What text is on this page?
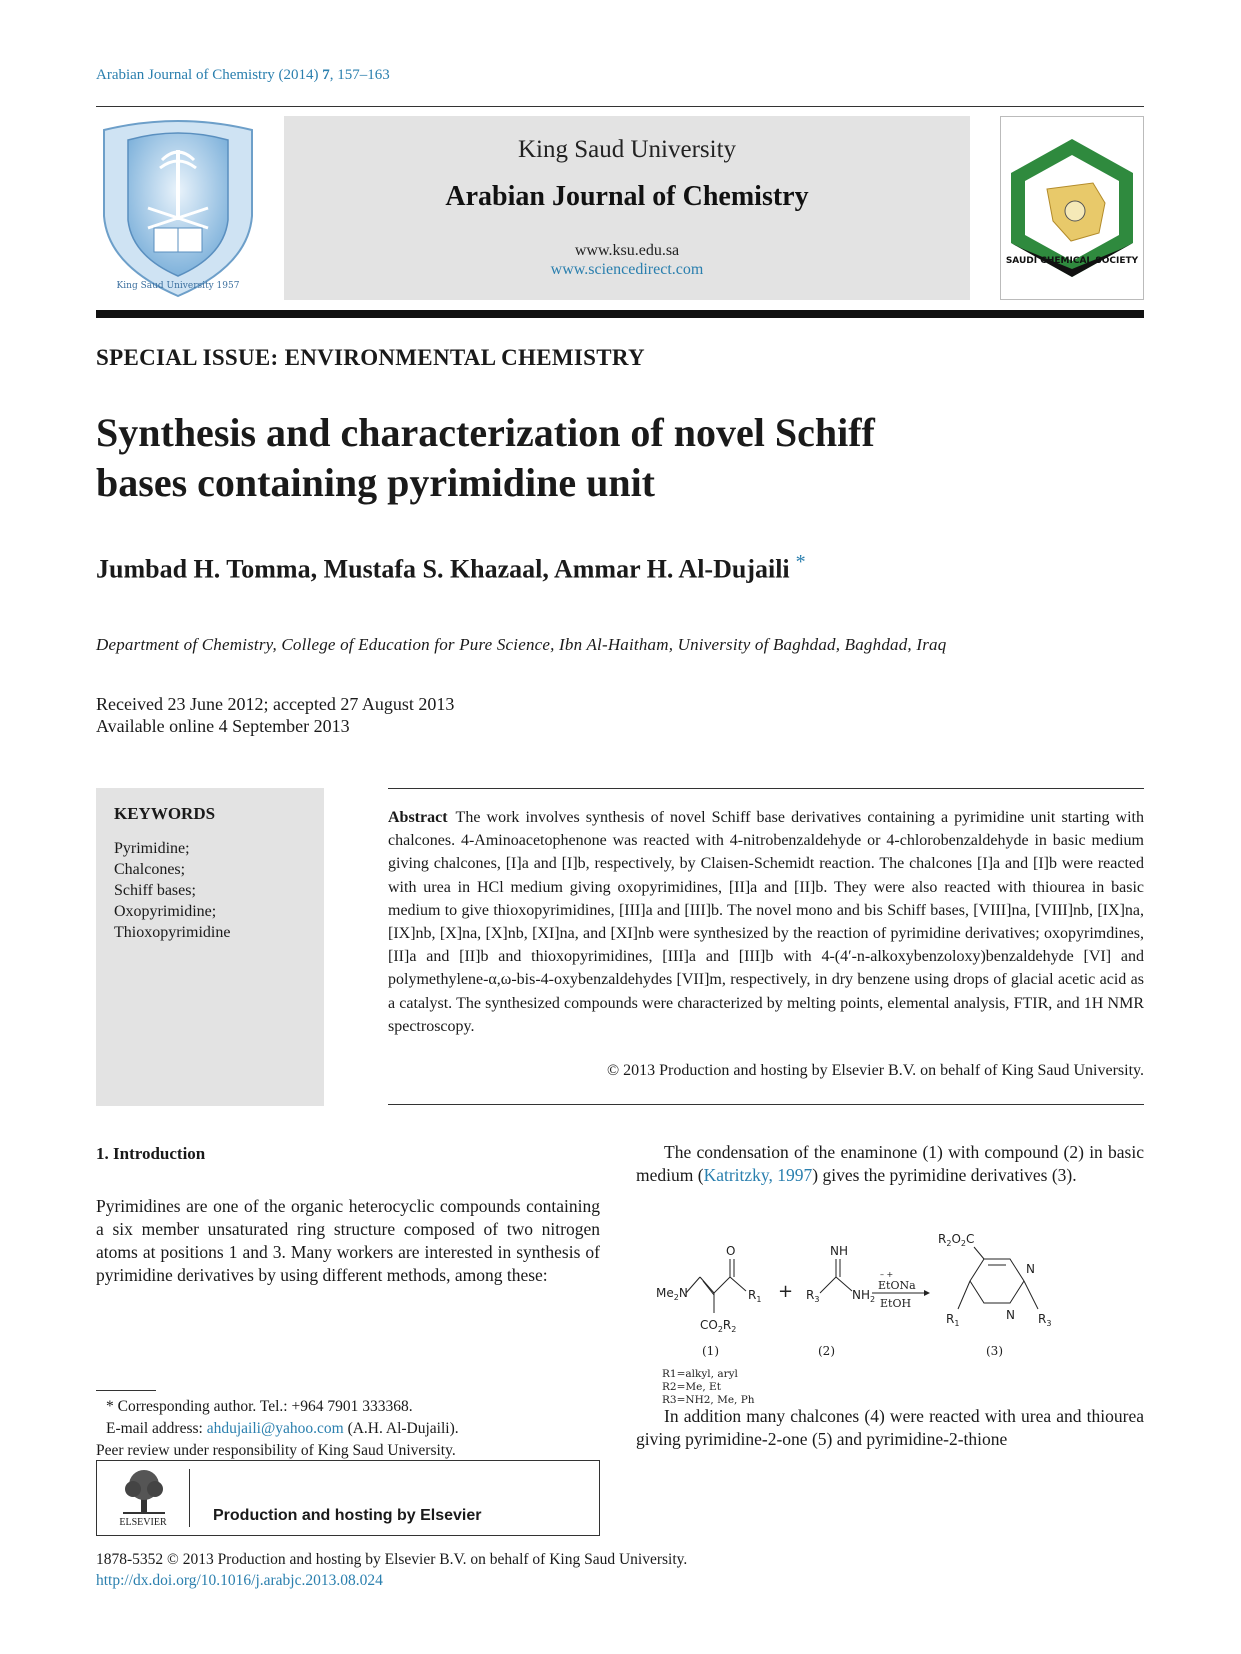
Arabian Journal of Chemistry (2014) 7, 157–163
King Saud University 1957
King Saud University
Arabian Journal of Chemistry
www.ksu.edu.sa
www.sciencedirect.com	SAUDI CHEMICAL SOCIETY
SPECIAL ISSUE: ENVIRONMENTAL CHEMISTRY
Synthesis and characterization of novel Schiff
bases containing pyrimidine unit
Jumbad H. Tomma, Mustafa S. Khazaal, Ammar H. Al-Dujaili *
Department of Chemistry, College of Education for Pure Science, Ibn Al-Haitham, University of Baghdad, Baghdad, Iraq
Received 23 June 2012; accepted 27 August 2013
Available online 4 September 2013
KEYWORDS
Pyrimidine;
Chalcones;
Schiff bases;
Oxopyrimidine;
Thioxopyrimidine
Abstract The work involves synthesis of novel Schiff base derivatives containing a pyrimidine unit starting with chalcones. 4-Aminoacetophenone was reacted with 4-nitrobenzaldehyde or 4-chlorobenzaldehyde in basic medium giving chalcones, [I]a and [I]b, respectively, by Claisen-Schemidt reaction. The chalcones [I]a and [I]b were reacted with urea in HCl medium giving oxopyrimidines, [II]a and [II]b. They were also reacted with thiourea in basic medium to give thioxopyrimidines, [III]a and [III]b. The novel mono and bis Schiff bases, [VIII]na, [VIII]nb, [IX]na, [IX]nb, [X]na, [X]nb, [XI]na, and [XI]nb were synthesized by the reaction of pyrimidine derivatives; oxopyrimdines, [II]a and [II]b and thioxopyrimidines, [III]a and [III]b with 4-(4′-n-alkoxybenzoloxy)benzaldehyde [VI] and polymethylene-α,ω-bis-4-oxybenzaldehydes [VII]m, respectively, in dry benzene using drops of glacial acetic acid as a catalyst. The synthesized compounds were characterized by melting points, elemental analysis, FTIR, and 1H NMR spectroscopy.
© 2013 Production and hosting by Elsevier B.V. on behalf of King Saud University.
1. Introduction
Pyrimidines are one of the organic heterocyclic compounds containing a six member unsaturated ring structure composed of two nitrogen atoms at positions 1 and 3. Many workers are interested in synthesis of pyrimidine derivatives by using different methods, among these:
The condensation of the enaminone (1) with compound (2) in basic medium (Katritzky, 1997) gives the pyrimidine derivatives (3).
$Me_2N$
O
$R_1$
$CO_2R_2$
+ $R_3$
NH
$NH_2$
– +
EtONa
EtOH
$R_2O_2C$
N
N
$R_1$	$R_3$
(1)	(2)	(3)
R1=alkyl, aryl
R2=Me, Et
R3=NH2, Me, Ph
In addition many chalcones (4) were reacted with urea and thiourea giving pyrimidine-2-one (5) and pyrimidine-2-thione
* Corresponding author. Tel.: +964 7901 333368.
E-mail address: ahdujaili@yahoo.com (A.H. Al-Dujaili).
Peer review under responsibility of King Saud University.
ELSEVIER	Production and hosting by Elsevier
1878-5352 © 2013 Production and hosting by Elsevier B.V. on behalf of King Saud University.
http://dx.doi.org/10.1016/j.arabjc.2013.08.024
